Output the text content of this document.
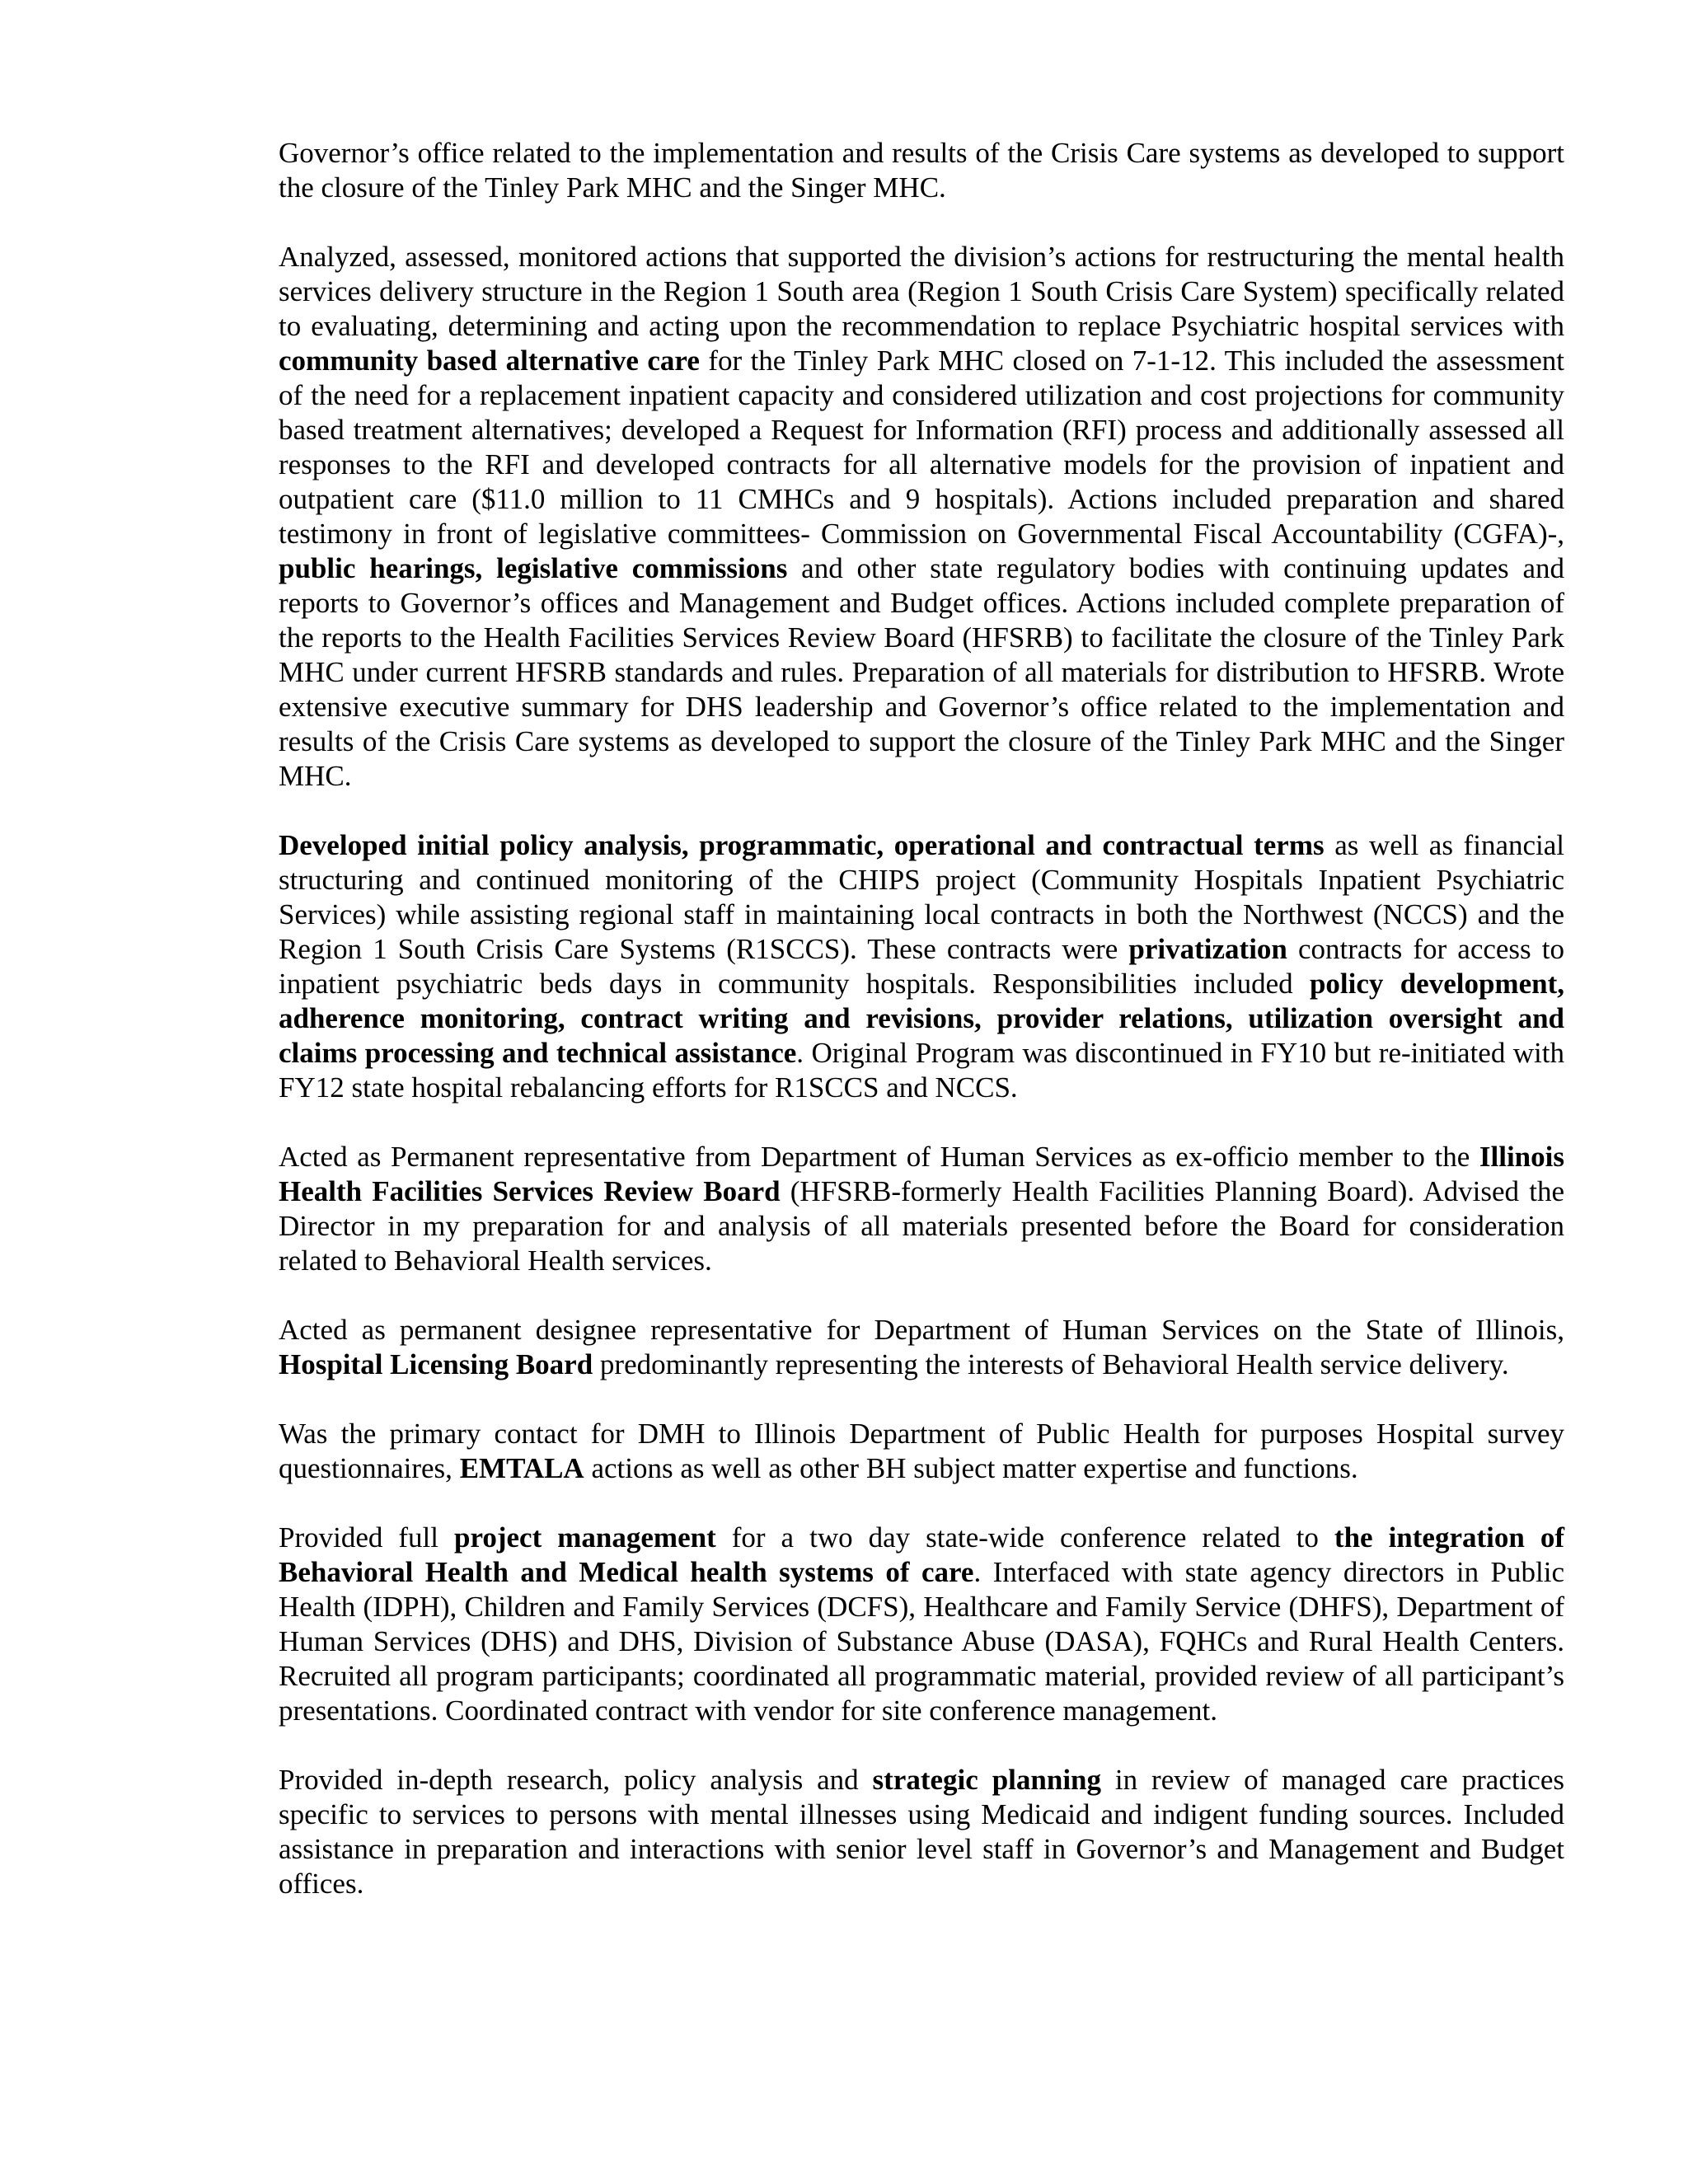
Governor’s office related to the implementation and results of the Crisis Care systems as developed to support the closure of the Tinley Park MHC and the Singer MHC.

Analyzed, assessed, monitored actions that supported the division’s actions for restructuring the mental health services delivery structure in the Region 1 South area (Region 1 South Crisis Care System) specifically related to evaluating, determining and acting upon the recommendation to replace Psychiatric hospital services with community based alternative care for the Tinley Park MHC closed on 7-1-12. This included the assessment of the need for a replacement inpatient capacity and considered utilization and cost projections for community based treatment alternatives; developed a Request for Information (RFI) process and additionally assessed all responses to the RFI and developed contracts for all alternative models for the provision of inpatient and outpatient care ($11.0 million to 11 CMHCs and 9 hospitals). Actions included preparation and shared testimony in front of legislative committees- Commission on Governmental Fiscal Accountability (CGFA)-, public hearings, legislative commissions and other state regulatory bodies with continuing updates and reports to Governor’s offices and Management and Budget offices. Actions included complete preparation of the reports to the Health Facilities Services Review Board (HFSRB) to facilitate the closure of the Tinley Park MHC under current HFSRB standards and rules. Preparation of all materials for distribution to HFSRB. Wrote extensive executive summary for DHS leadership and Governor’s office related to the implementation and results of the Crisis Care systems as developed to support the closure of the Tinley Park MHC and the Singer MHC.

Developed initial policy analysis, programmatic, operational and contractual terms as well as financial structuring and continued monitoring of the CHIPS project (Community Hospitals Inpatient Psychiatric Services) while assisting regional staff in maintaining local contracts in both the Northwest (NCCS) and the Region 1 South Crisis Care Systems (R1SCCS). These contracts were privatization contracts for access to inpatient psychiatric beds days in community hospitals. Responsibilities included policy development, adherence monitoring, contract writing and revisions, provider relations, utilization oversight and claims processing and technical assistance. Original Program was discontinued in FY10 but re-initiated with FY12 state hospital rebalancing efforts for R1SCCS and NCCS.

Acted as Permanent representative from Department of Human Services as ex-officio member to the Illinois Health Facilities Services Review Board (HFSRB-formerly Health Facilities Planning Board). Advised the Director in my preparation for and analysis of all materials presented before the Board for consideration related to Behavioral Health services.

Acted as permanent designee representative for Department of Human Services on the State of Illinois, Hospital Licensing Board predominantly representing the interests of Behavioral Health service delivery.

Was the primary contact for DMH to Illinois Department of Public Health for purposes Hospital survey questionnaires, EMTALA actions as well as other BH subject matter expertise and functions.

Provided full project management for a two day state-wide conference related to the integration of Behavioral Health and Medical health systems of care. Interfaced with state agency directors in Public Health (IDPH), Children and Family Services (DCFS), Healthcare and Family Service (DHFS), Department of Human Services (DHS) and DHS, Division of Substance Abuse (DASA), FQHCs and Rural Health Centers. Recruited all program participants; coordinated all programmatic material, provided review of all participant’s presentations. Coordinated contract with vendor for site conference management.

Provided in-depth research, policy analysis and strategic planning in review of managed care practices specific to services to persons with mental illnesses using Medicaid and indigent funding sources. Included assistance in preparation and interactions with senior level staff in Governor’s and Management and Budget offices.
